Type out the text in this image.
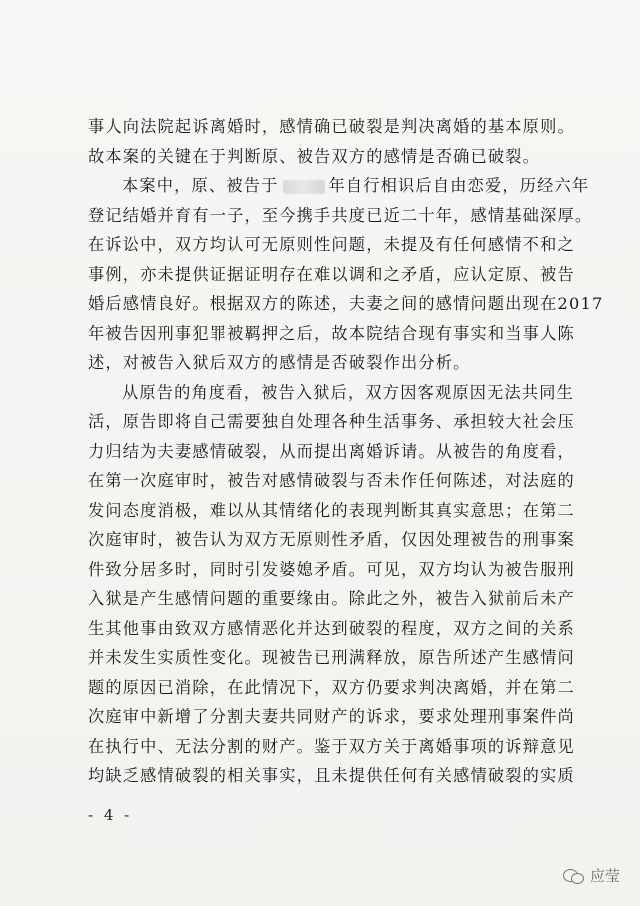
事人向法院起诉离婚时，感情确已破裂是判决离婚的基本原则。
故本案的关键在于判断原、被告双方的感情是否确已破裂。
本案中，原、被告于	年自行相识后自由恋爱，历经六年
登记结婚并育有一子，至今携手共度已近二十年，感情基础深厚。
在诉讼中，双方均认可无原则性问题，未提及有任何感情不和之
事例，亦未提供证据证明存在难以调和之矛盾，应认定原、被告
婚后感情良好。根据双方的陈述，夫妻之间的感情问题出现在2017
年被告因刑事犯罪被羁押之后，故本院结合现有事实和当事人陈
述，对被告入狱后双方的感情是否破裂作出分析。
从原告的角度看，被告入狱后，双方因客观原因无法共同生
活，原告即将自己需要独自处理各种生活事务、承担较大社会压
力归结为夫妻感情破裂，从而提出离婚诉请。从被告的角度看，
在第一次庭审时，被告对感情破裂与否未作任何陈述，对法庭的
发问态度消极，难以从其情绪化的表现判断其真实意思；在第二
次庭审时，被告认为双方无原则性矛盾，仅因处理被告的刑事案
件致分居多时，同时引发婆媳矛盾。可见，双方均认为被告服刑
入狱是产生感情问题的重要缘由。除此之外，被告入狱前后未产
生其他事由致双方感情恶化并达到破裂的程度，双方之间的关系
并未发生实质性变化。现被告已刑满释放，原告所述产生感情问
题的原因已消除，在此情况下，双方仍要求判决离婚，并在第二
次庭审中新增了分割夫妻共同财产的诉求，要求处理刑事案件尚
在执行中、无法分割的财产。鉴于双方关于离婚事项的诉辩意见
均缺乏感情破裂的相关事实，且未提供任何有关感情破裂的实质
- 4 -
应莹
